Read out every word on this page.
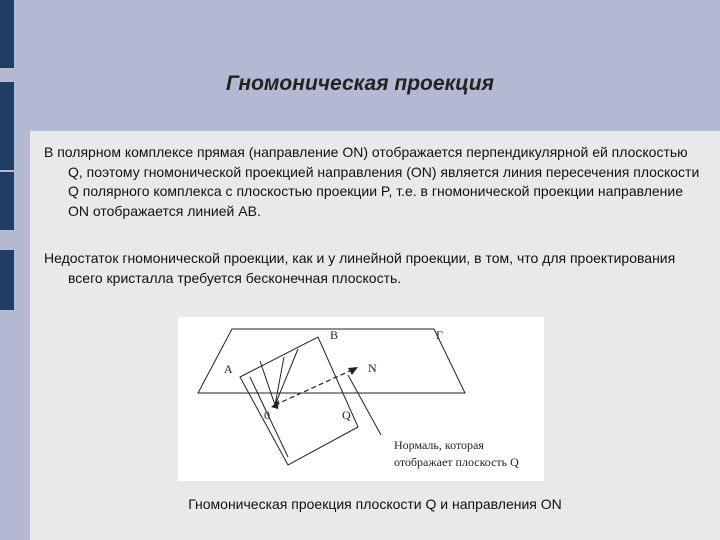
Гномоническая проекция
В полярном комплексе прямая (направление ON) отображается перпендикулярной ей плоскостью Q, поэтому гномонической проекцией направления (ON) является линия пересечения плоскости Q полярного комплекса с плоскостью проекции P, т.е. в гномонической проекции направление ON отображается линией AB.
Недостаток гномонической проекции, как и у линейной проекции, в том, что для проектирования всего кристалла требуется бесконечная плоскость.
B	Г
A	N
0	Q
Нормаль, которая
отображает плоскость Q
Гномоническая проекция плоскости Q и направления ON
